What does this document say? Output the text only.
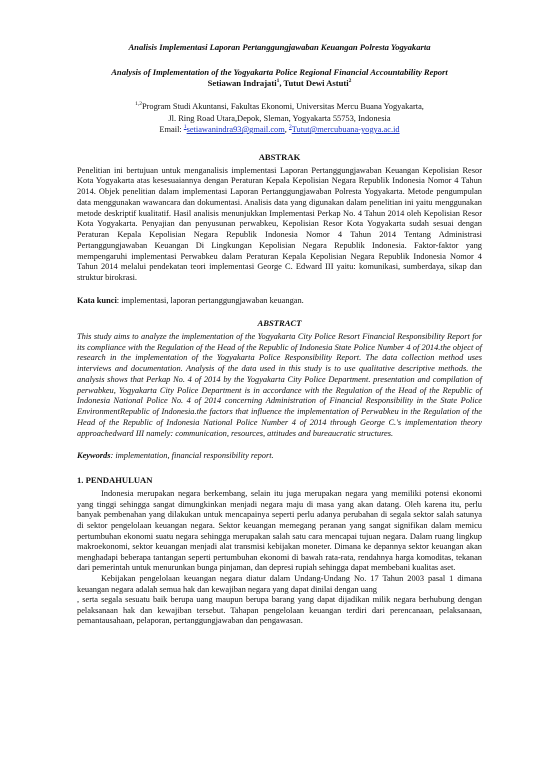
Analisis Implementasi Laporan Pertanggungjawaban Keuangan Polresta Yogyakarta
Analysis of Implementation of the Yogyakarta Police Regional Financial Accountability Report
Setiawan Indrajati$^1$, Tutut Dewi Astuti$^2$
$^{1,2}$Program Studi Akuntansi, Fakultas Ekonomi, Universitas Mercu Buana Yogyakarta,
Jl. Ring Road Utara,Depok, Sleman, Yogyakarta 55753, Indonesia
Email: $^1$setiawanindra93@gmail.com, $^2$Tutut@mercubuana-yogya.ac.id
ABSTRAK
Penelitian ini bertujuan untuk menganalisis implementasi Laporan Pertanggungjawaban Keuangan Kepolisian Resor Kota Yogyakarta atas kesesuaiannya dengan Peraturan Kepala Kepolisian Negara Republik Indonesia Nomor 4 Tahun 2014. Objek penelitian dalam implementasi Laporan Pertanggungjawaban Polresta Yogyakarta. Metode pengumpulan data menggunakan wawancara dan dokumentasi. Analisis data yang digunakan dalam penelitian ini yaitu menggunakan metode deskriptif kualitatif. Hasil analisis menunjukkan Implementasi Perkap No. 4 Tahun 2014 oleh Kepolisian Resor Kota Yogyakarta. Penyajian dan penyusunan perwabkeu, Kepolisian Resor Kota Yogyakarta sudah sesuai dengan Peraturan Kepala Kepolisian Negara Republik Indonesia Nomor 4 Tahun 2014 Tentang Administrasi Pertanggungjawaban Keuangan Di Lingkungan Kepolisian Negara Republik Indonesia. Faktor-faktor yang mempengaruhi implementasi Perwabkeu dalam Peraturan Kepala Kepolisian Negara Republik Indonesia Nomor 4 Tahun 2014 melalui pendekatan teori implementasi George C. Edward III yaitu: komunikasi, sumberdaya, sikap dan struktur birokrasi.
Kata kunci: implementasi, laporan pertanggungjawaban keuangan.
ABSTRACT
This study aims to analyze the implementation of the Yogyakarta City Police Resort Financial Responsibility Report for its compliance with the Regulation of the Head of the Republic of Indonesia State Police Number 4 of 2014.the object of research in the implementation of the Yogyakarta Police Responsibility Report. The data collection method uses interviews and documentation. Analysis of the data used in this study is to use qualitative descriptive methods. the analysis shows that Perkap No. 4 of 2014 by the Yogyakarta City Police Department. presentation and compilation of perwabkeu, Yogyakarta City Police Department is in accordance with the Regulation of the Head of the Republic of Indonesia National Police No. 4 of 2014 concerning Administration of Financial Responsibility in the State Police EnvironmentRepublic of Indonesia.the factors that influence the implementation of Perwabkeu in the Regulation of the Head of the Republic of Indonesia National Police Number 4 of 2014 through George C.'s implementation theory approachedward III namely: communication, resources, attitudes and bureaucratic structures.
Keywords: implementation, financial responsibility report.
1. PENDAHULUAN
Indonesia merupakan negara berkembang, selain itu juga merupakan negara yang memiliki potensi ekonomi yang tinggi sehingga sangat dimungkinkan menjadi negara maju di masa yang akan datang. Oleh karena itu, perlu banyak pembenahan yang dilakukan untuk mencapainya seperti perlu adanya perubahan di segala sektor salah satunya di sektor pengelolaan keuangan negara. Sektor keuangan memegang peranan yang sangat signifikan dalam memicu pertumbuhan ekonomi suatu negara sehingga merupakan salah satu cara mencapai tujuan negara. Dalam ruang lingkup makroekonomi, sektor keuangan menjadi alat transmisi kebijakan moneter. Dimana ke depannya sektor keuangan akan menghadapi beberapa tantangan seperti pertumbuhan ekonomi di bawah rata-rata, rendahnya harga komoditas, tekanan dari pemerintah untuk menurunkan bunga pinjaman, dan depresi rupiah sehingga dapat membebani kualitas aset.
Kebijakan pengelolaan keuangan negara diatur dalam Undang-Undang No. 17 Tahun 2003 pasal 1 dimana keuangan negara adalah semua hak dan kewajiban negara yang dapat dinilai dengan uang
, serta segala sesuatu baik berupa uang maupun berupa barang yang dapat dijadikan milik negara berhubung dengan pelaksanaan hak dan kewajiban tersebut. Tahapan pengelolaan keuangan terdiri dari perencanaan, pelaksanaan, pemantausahaan, pelaporan, pertanggungjawaban dan pengawasan.
